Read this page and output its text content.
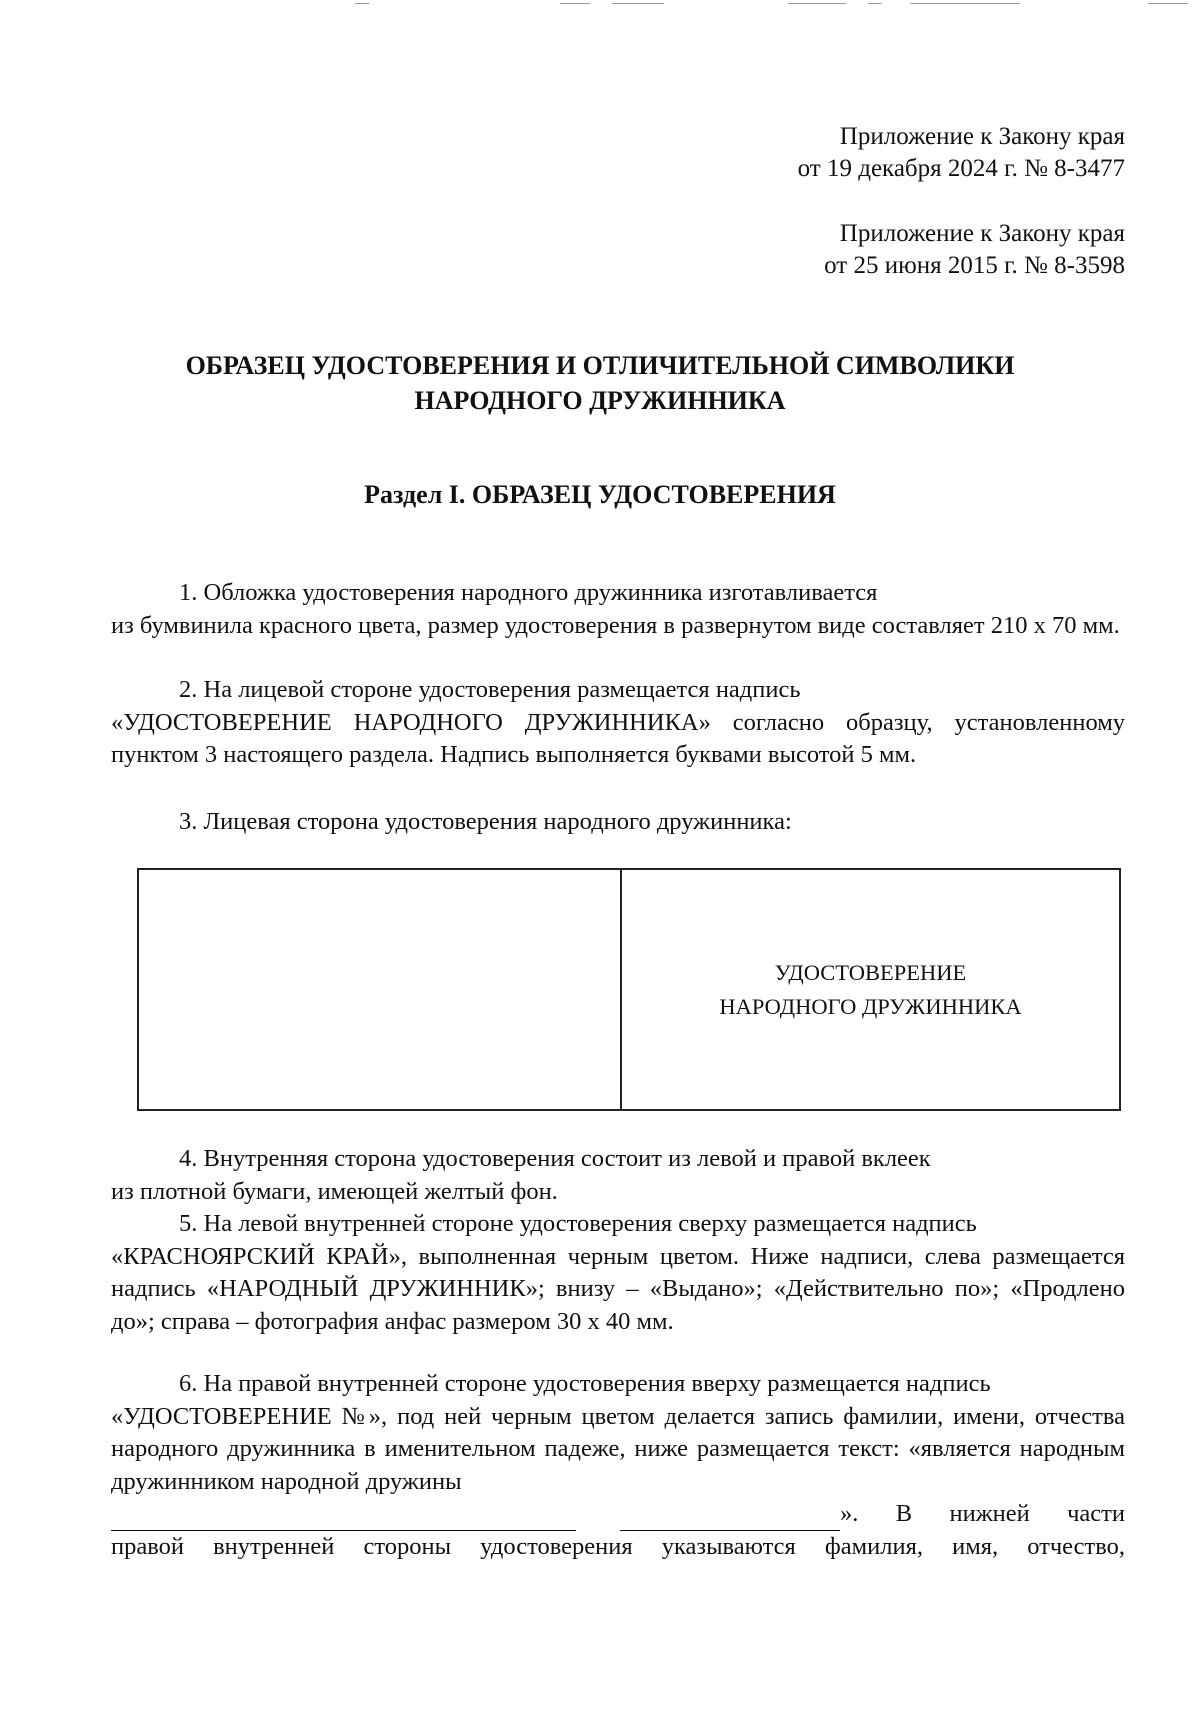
Приложение к Закону края
от 19 декабря 2024 г. № 8-3477
Приложение к Закону края
от 25 июня 2015 г. № 8-3598
ОБРАЗЕЦ УДОСТОВЕРЕНИЯ И ОТЛИЧИТЕЛЬНОЙ СИМВОЛИКИ
НАРОДНОГО ДРУЖИННИКА
Раздел I. ОБРАЗЕЦ УДОСТОВЕРЕНИЯ
1. Обложка удостоверения народного дружинника изготавливается
из бумвинила красного цвета, размер удостоверения в развернутом виде составляет 210 х 70 мм.
2. На лицевой стороне удостоверения размещается надпись
«УДОСТОВЕРЕНИЕ НАРОДНОГО ДРУЖИННИКА» согласно образцу, установленному пунктом 3 настоящего раздела. Надпись выполняется буквами высотой 5 мм.
3. Лицевая сторона удостоверения народного дружинника:
УДОСТОВЕРЕНИЕ
НАРОДНОГО ДРУЖИННИКА
4. Внутренняя сторона удостоверения состоит из левой и правой вклеек
из плотной бумаги, имеющей желтый фон.
5. На левой внутренней стороне удостоверения сверху размещается надпись
«КРАСНОЯРСКИЙ КРАЙ», выполненная черным цветом. Ниже надписи, слева размещается надпись «НАРОДНЫЙ ДРУЖИННИК»; внизу – «Выдано»; «Действительно по»; «Продлено до»; справа – фотография анфас размером 30 х 40 мм.
6. На правой внутренней стороне удостоверения вверху размещается надпись
«УДОСТОВЕРЕНИЕ №», под ней черным цветом делается запись фамилии, имени, отчества народного дружинника в именительном падеже, ниже размещается текст: «является народным дружинником народной дружины
». В нижней части
правой внутренней стороны удостоверения указываются фамилия, имя, отчество,
